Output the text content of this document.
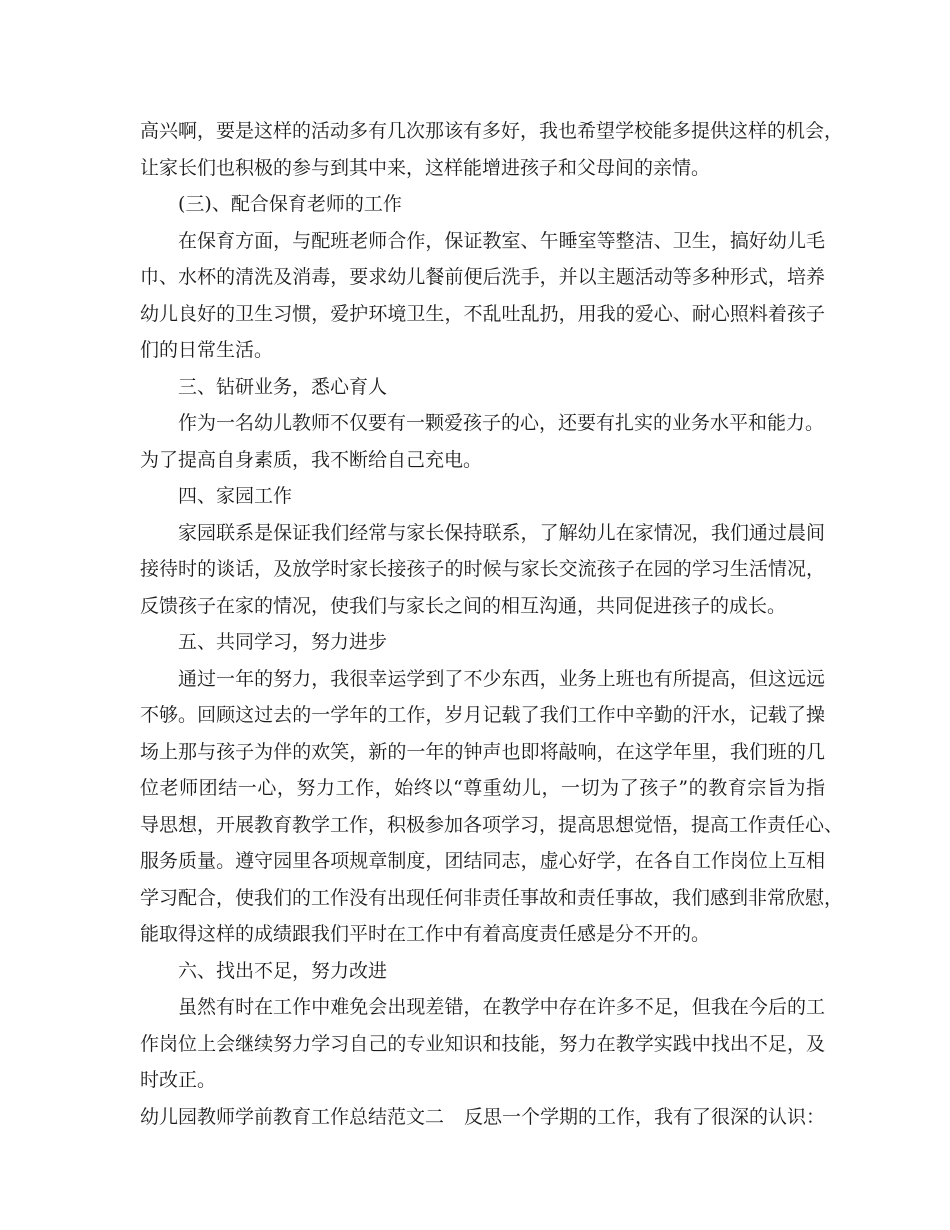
高兴啊，要是这样的活动多有几次那该有多好，我也希望学校能多提供这样的机会，
让家长们也积极的参与到其中来，这样能增进孩子和父母间的亲情。
(三)、配合保育老师的工作
在保育方面，与配班老师合作，保证教室、午睡室等整洁、卫生，搞好幼儿毛
巾、水杯的清洗及消毒，要求幼儿餐前便后洗手，并以主题活动等多种形式，培养
幼儿良好的卫生习惯，爱护环境卫生，不乱吐乱扔，用我的爱心、耐心照料着孩子
们的日常生活。
三、钻研业务，悉心育人
作为一名幼儿教师不仅要有一颗爱孩子的心，还要有扎实的业务水平和能力。
为了提高自身素质，我不断给自己充电。
四、家园工作
家园联系是保证我们经常与家长保持联系，了解幼儿在家情况，我们通过晨间
接待时的谈话，及放学时家长接孩子的时候与家长交流孩子在园的学习生活情况，
反馈孩子在家的情况，使我们与家长之间的相互沟通，共同促进孩子的成长。
五、共同学习，努力进步
通过一年的努力，我很幸运学到了不少东西，业务上班也有所提高，但这远远
不够。回顾这过去的一学年的工作，岁月记载了我们工作中辛勤的汗水，记载了操
场上那与孩子为伴的欢笑，新的一年的钟声也即将敲响，在这学年里，我们班的几
位老师团结一心，努力工作，始终以“尊重幼儿，一切为了孩子”的教育宗旨为指
导思想，开展教育教学工作，积极参加各项学习，提高思想觉悟，提高工作责任心、
服务质量。遵守园里各项规章制度，团结同志，虚心好学，在各自工作岗位上互相
学习配合，使我们的工作没有出现任何非责任事故和责任事故，我们感到非常欣慰，
能取得这样的成绩跟我们平时在工作中有着高度责任感是分不开的。
六、找出不足，努力改进
虽然有时在工作中难免会出现差错，在教学中存在许多不足，但我在今后的工
作岗位上会继续努力学习自己的专业知识和技能，努力在教学实践中找出不足，及
时改正。
幼儿园教师学前教育工作总结范文二 反思一个学期的工作，我有了很深的认识：
